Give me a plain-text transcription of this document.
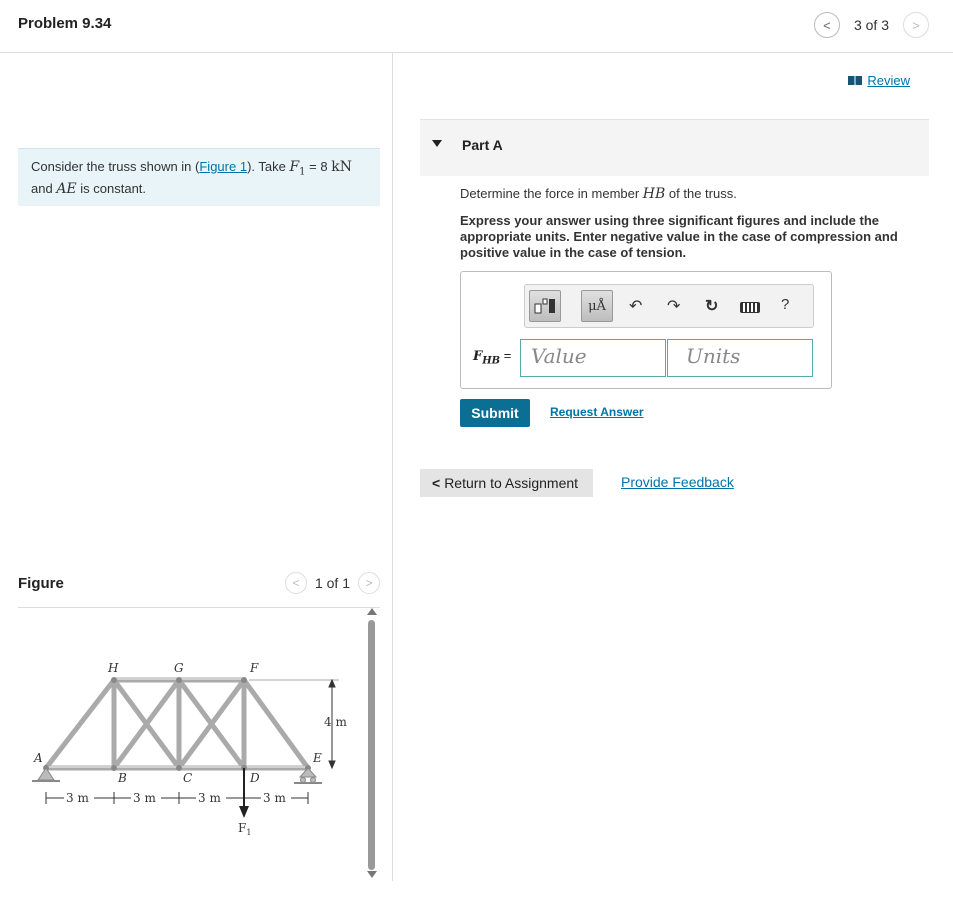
Problem 9.34	< 3 of 3 >
Consider the truss shown in (Figure 1). Take $F_1 = 8$ kN
and AE is constant.
Figure	< 1 of 1 >
H	G	F
A
B	C	D
E
4 m
3 m	3 m	3 m	3 m
$F_1$
Review
Part A
Determine the force in member HB of the truss.
Express your answer using three significant figures and include the appropriate units. Enter negative value in the case of compression and positive value in the case of tension.
μÅ ↶ ↷ ↻	?
$F_{HB}$ = Value	Units
Submit	Request Answer
< Return to Assignment	Provide Feedback
